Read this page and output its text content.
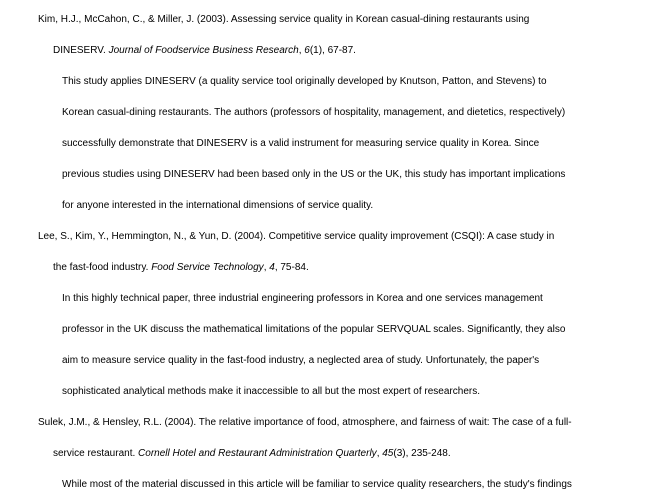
Kim, H.J., McCahon, C., & Miller, J. (2003). Assessing service quality in Korean casual-dining restaurants using
DINESERV. Journal of Foodservice Business Research, 6(1), 67-87.
This study applies DINESERV (a quality service tool originally developed by Knutson, Patton, and Stevens) to
Korean casual-dining restaurants. The authors (professors of hospitality, management, and dietetics, respectively)
successfully demonstrate that DINESERV is a valid instrument for measuring service quality in Korea. Since
previous studies using DINESERV had been based only in the US or the UK, this study has important implications
for anyone interested in the international dimensions of service quality.
Lee, S., Kim, Y., Hemmington, N., & Yun, D. (2004). Competitive service quality improvement (CSQI): A case study in
the fast-food industry. Food Service Technology, 4, 75-84.
In this highly technical paper, three industrial engineering professors in Korea and one services management
professor in the UK discuss the mathematical limitations of the popular SERVQUAL scales. Significantly, they also
aim to measure service quality in the fast-food industry, a neglected area of study. Unfortunately, the paper's
sophisticated analytical methods make it inaccessible to all but the most expert of researchers.
Sulek, J.M., & Hensley, R.L. (2004). The relative importance of food, atmosphere, and fairness of wait: The case of a full-
service restaurant. Cornell Hotel and Restaurant Administration Quarterly, 45(3), 235-248.
While most of the material discussed in this article will be familiar to service quality researchers, the study's findings
